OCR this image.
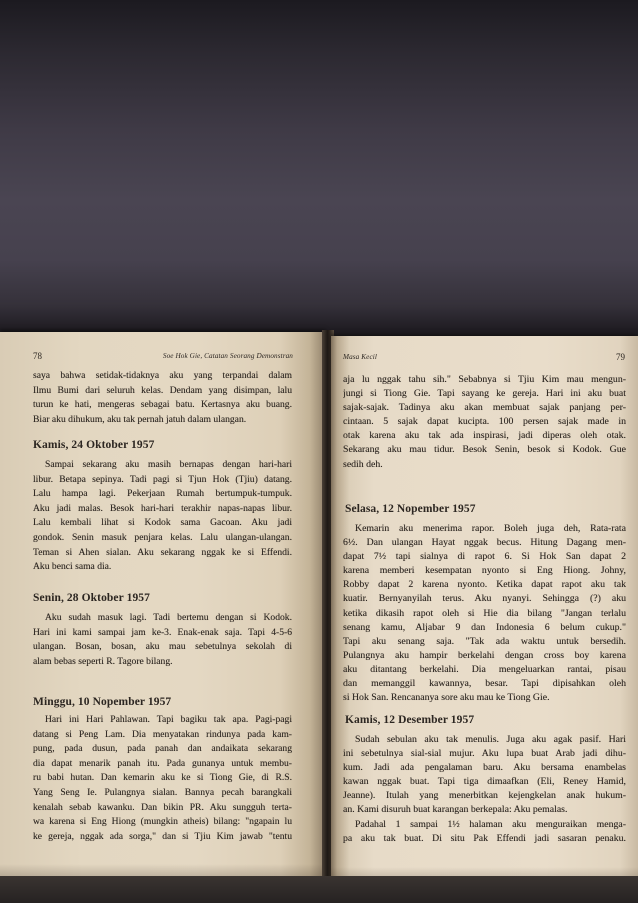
78	Soe Hok Gie, Catatan Seorang Demonstran
saya bahwa setidak-tidaknya aku yang terpandai dalam
Ilmu Bumi dari seluruh kelas. Dendam yang disimpan, lalu
turun ke hati, mengeras sebagai batu. Kertasnya aku buang.
Biar aku dihukum, aku tak pernah jatuh dalam ulangan.
Kamis, 24 Oktober 1957
Sampai sekarang aku masih bernapas dengan hari-hari
libur. Betapa sepinya. Tadi pagi si Tjun Hok (Tjiu) datang.
Lalu hampa lagi. Pekerjaan Rumah bertumpuk-tumpuk.
Aku jadi malas. Besok hari-hari terakhir napas-napas libur.
Lalu kembali lihat si Kodok sama Gacoan. Aku jadi
gondok. Senin masuk penjara kelas. Lalu ulangan-ulangan.
Teman si Ahen sialan. Aku sekarang nggak ke si Effendi.
Aku benci sama dia.
Senin, 28 Oktober 1957
Aku sudah masuk lagi. Tadi bertemu dengan si Kodok.
Hari ini kami sampai jam ke-3. Enak-enak saja. Tapi 4-5-6
ulangan. Bosan, bosan, aku mau sebetulnya sekolah di
alam bebas seperti R. Tagore bilang.
Minggu, 10 Nopember 1957
Hari ini Hari Pahlawan. Tapi bagiku tak apa. Pagi-pagi
datang si Peng Lam. Dia menyatakan rindunya pada kam-
pung, pada dusun, pada panah dan andaikata sekarang
dia dapat menarik panah itu. Pada gunanya untuk membu-
ru babi hutan. Dan kemarin aku ke si Tiong Gie, di R.S.
Yang Seng Ie. Pulangnya sialan. Bannya pecah barangkali
kenalah sebab kawanku. Dan bikin PR. Aku sungguh terta-
wa karena si Eng Hiong (mungkin atheis) bilang: "ngapain lu
ke gereja, nggak ada sorga," dan si Tjiu Kim jawab "tentu
Masa Kecil	79
aja lu nggak tahu sih." Sebabnya si Tjiu Kim mau mengun-
jungi si Tiong Gie. Tapi sayang ke gereja. Hari ini aku buat
sajak-sajak. Tadinya aku akan membuat sajak panjang per-
cintaan. 5 sajak dapat kucipta. 100 persen sajak made in
otak karena aku tak ada inspirasi, jadi diperas oleh otak.
Sekarang aku mau tidur. Besok Senin, besok si Kodok. Gue
sedih deh.
Selasa, 12 Nopember 1957
Kemarin aku menerima rapor. Boleh juga deh, Rata-rata
6½. Dan ulangan Hayat nggak becus. Hitung Dagang men-
dapat 7½ tapi sialnya di rapot 6. Si Hok San dapat 2
karena memberi kesempatan nyonto si Eng Hiong. Johny,
Robby dapat 2 karena nyonto. Ketika dapat rapot aku tak
kuatir. Bernyanyilah terus. Aku nyanyi. Sehingga (?) aku
ketika dikasih rapot oleh si Hie dia bilang "Jangan terlalu
senang kamu, Aljabar 9 dan Indonesia 6 belum cukup."
Tapi aku senang saja. "Tak ada waktu untuk bersedih.
Pulangnya aku hampir berkelahi dengan cross boy karena
aku ditantang berkelahi. Dia mengeluarkan rantai, pisau
dan memanggil kawannya, besar. Tapi dipisahkan oleh
si Hok San. Rencananya sore aku mau ke Tiong Gie.
Kamis, 12 Desember 1957
Sudah sebulan aku tak menulis. Juga aku agak pasif. Hari
ini sebetulnya sial-sial mujur. Aku lupa buat Arab jadi dihu-
kum. Jadi ada pengalaman baru. Aku bersama enambelas
kawan nggak buat. Tapi tiga dimaafkan (Eli, Reney Hamid,
Jeanne). Itulah yang menerbitkan kejengkelan anak hukum-
an. Kami disuruh buat karangan berkepala: Aku pemalas.
Padahal 1 sampai 1½ halaman aku menguraikan menga-
pa aku tak buat. Di situ Pak Effendi jadi sasaran penaku.
